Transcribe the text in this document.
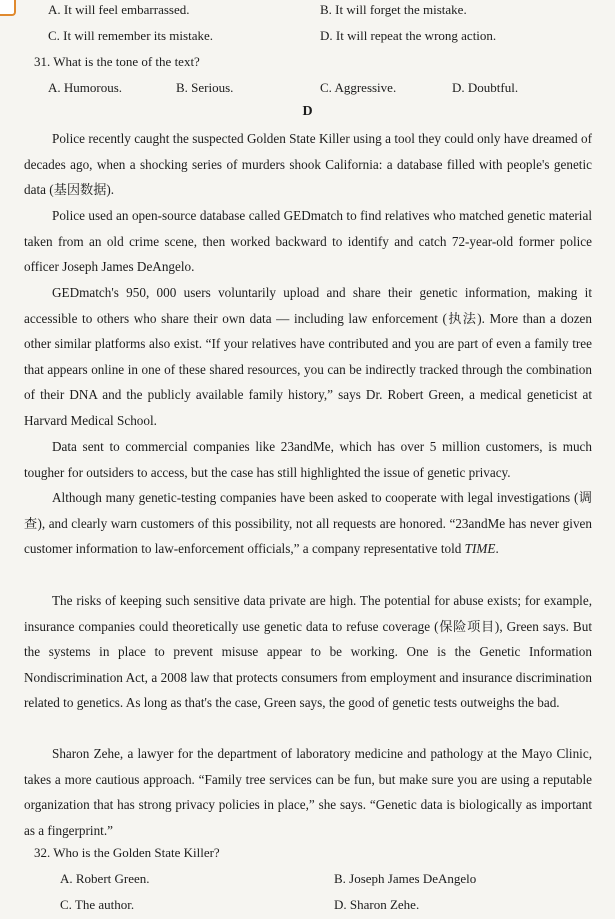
A. It will feel embarrassed.	B. It will forget the mistake.
C. It will remember its mistake.	D. It will repeat the wrong action.
31. What is the tone of the text?
A. Humorous.	B. Serious.	C. Aggressive.	D. Doubtful.
D
Police recently caught the suspected Golden State Killer using a tool they could only have dreamed of decades ago, when a shocking series of murders shook California: a database filled with people's genetic data (基因数据).
Police used an open-source database called GEDmatch to find relatives who matched genetic material taken from an old crime scene, then worked backward to identify and catch 72-year-old former police officer Joseph James DeAngelo.
GEDmatch's 950, 000 users voluntarily upload and share their genetic information, making it accessible to others who share their own data — including law enforcement (执法). More than a dozen other similar platforms also exist. “If your relatives have contributed and you are part of even a family tree that appears online in one of these shared resources, you can be indirectly tracked through the combination of their DNA and the publicly available family history,” says Dr. Robert Green, a medical geneticist at Harvard Medical School.
Data sent to commercial companies like 23andMe, which has over 5 million customers, is much tougher for outsiders to access, but the case has still highlighted the issue of genetic privacy.
Although many genetic-testing companies have been asked to cooperate with legal investigations (调查), and clearly warn customers of this possibility, not all requests are honored. “23andMe has never given customer information to law-enforcement officials,” a company representative told TIME.
The risks of keeping such sensitive data private are high. The potential for abuse exists; for example, insurance companies could theoretically use genetic data to refuse coverage (保险项目), Green says. But the systems in place to prevent misuse appear to be working. One is the Genetic Information Nondiscrimination Act, a 2008 law that protects consumers from employment and insurance discrimination related to genetics. As long as that's the case, Green says, the good of genetic tests outweighs the bad.
Sharon Zehe, a lawyer for the department of laboratory medicine and pathology at the Mayo Clinic, takes a more cautious approach. “Family tree services can be fun, but make sure you are using a reputable organization that has strong privacy policies in place,” she says. “Genetic data is biologically as important as a fingerprint.”
32. Who is the Golden State Killer?
A. Robert Green.	B. Joseph James DeAngelo
C. The author.	D. Sharon Zehe.
